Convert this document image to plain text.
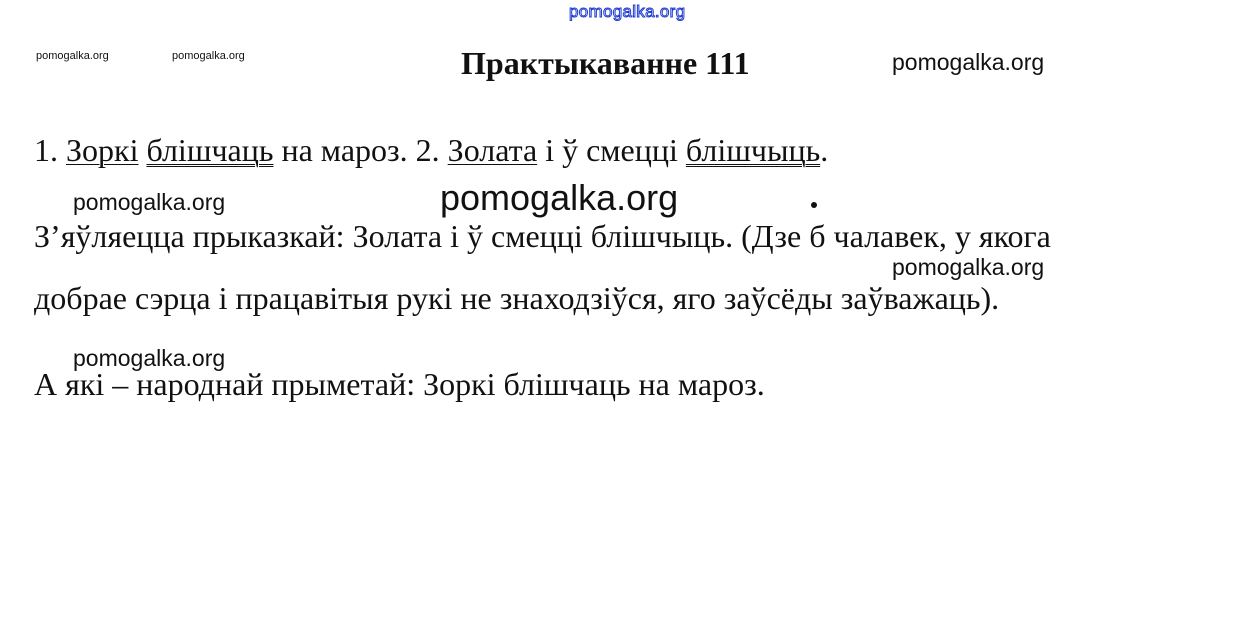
pomogalka.org
pomogalka.org	pomogalka.org	pomogalka.org
Практыкаванне 111
1. Зоркі блішчаць на мароз. 2. Золата і ў смецці блішчыць.
pomogalka.org	pomogalka.org
З’яўляецца прыказкай: Золата і ў смецці блішчыць. (Дзе б чалавек, у якога
pomogalka.org
добрае сэрца і працавітыя рукі не знаходзіўся, яго заўсёды заўважаць).
pomogalka.org
А які – народнай прыметай: Зоркі блішчаць на мароз.
